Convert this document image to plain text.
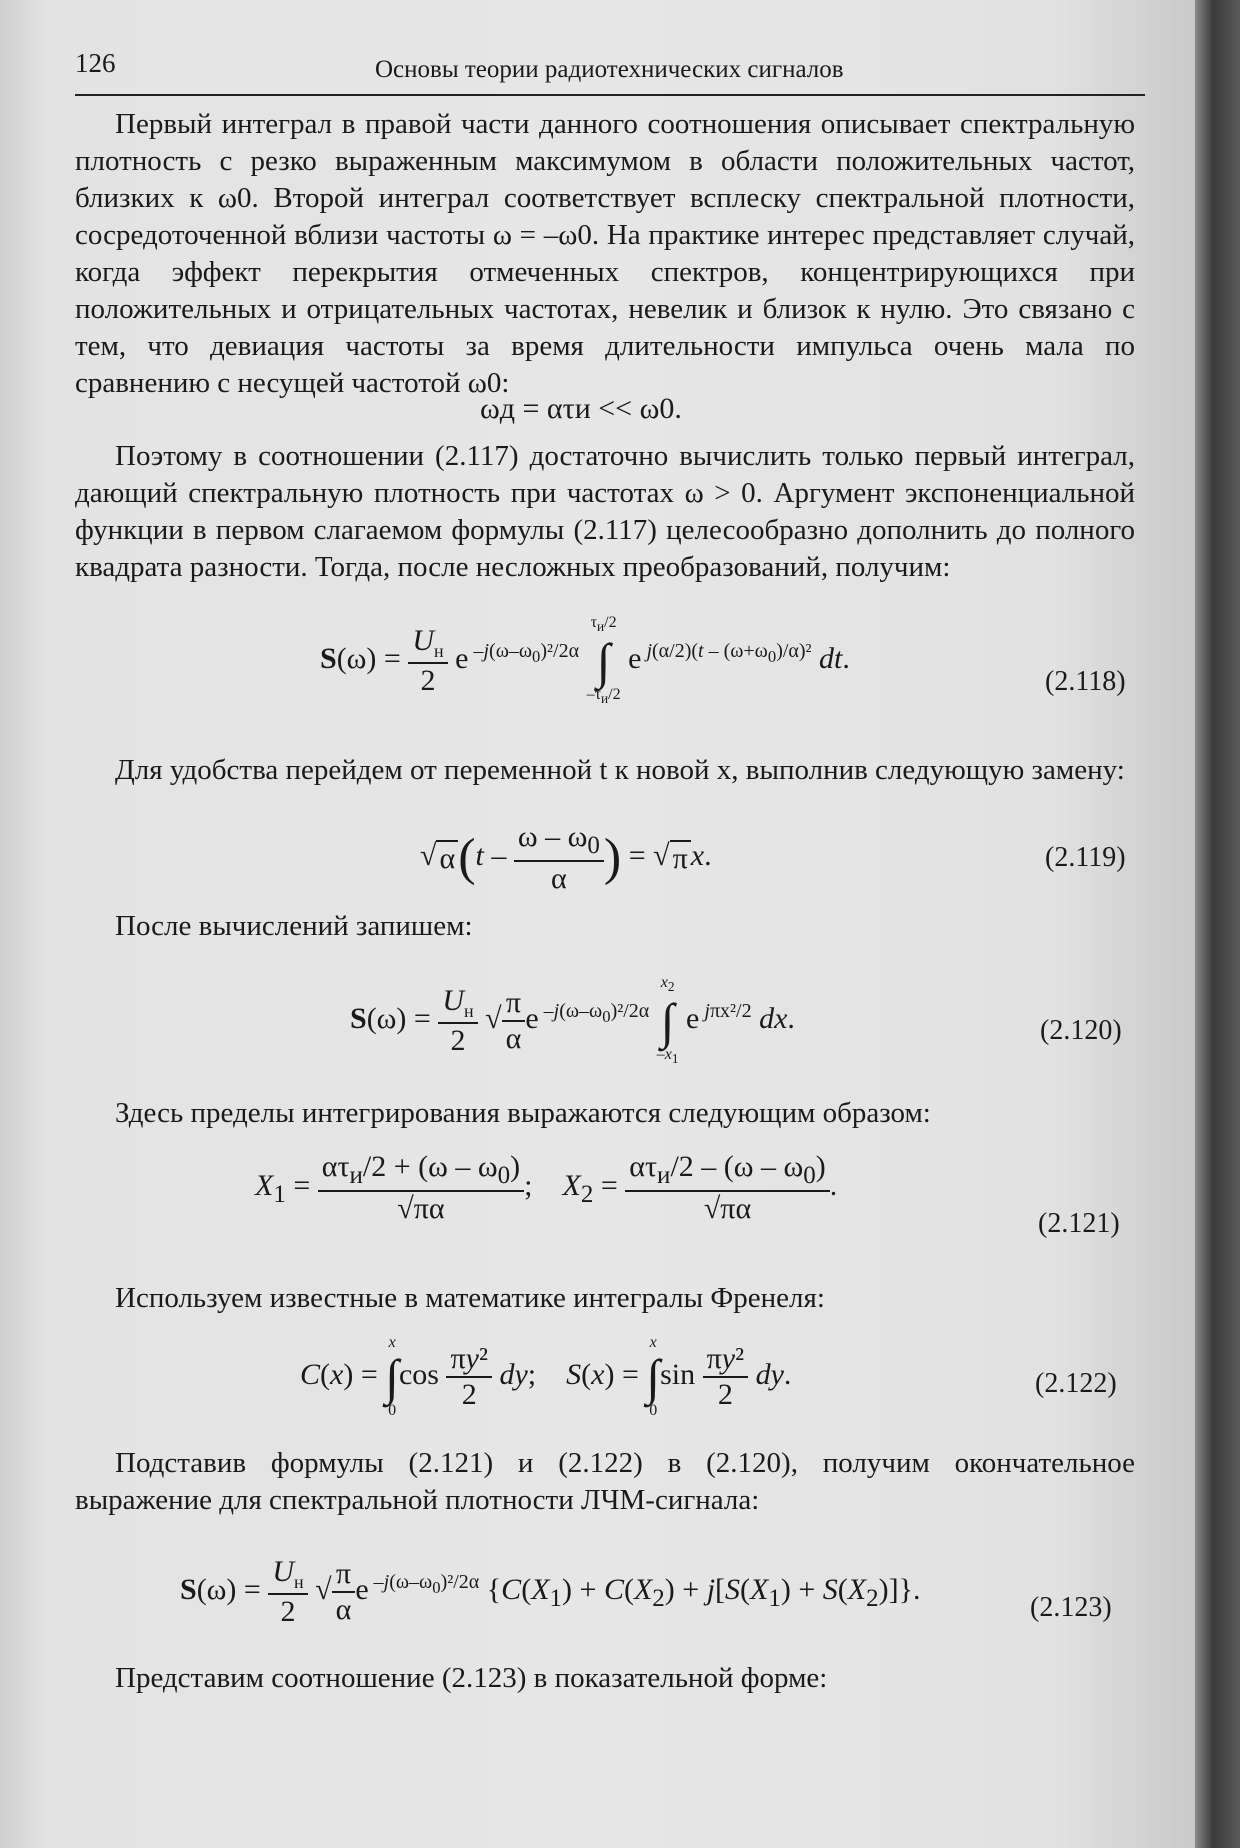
126	Основы теории радиотехнических сигналов
Первый интеграл в правой части данного соотношения описывает спектральную плотность с резко выраженным максимумом в области положительных частот, близких к ω0. Второй интеграл соответствует всплеску спектральной плотности, сосредоточенной вблизи частоты ω = –ω0. На практике интерес представляет случай, когда эффект перекрытия отмеченных спектров, концентрирующихся при положительных и отрицательных частотах, невелик и близок к нулю. Это связано с тем, что девиация частоты за время длительности импульса очень мала по сравнению с несущей частотой ω0:
ωд = ατи << ω0.
Поэтому в соотношении (2.117) достаточно вычислить только первый интеграл, дающий спектральную плотность при частотах ω > 0. Аргумент экспоненциальной функции в первом слагаемом формулы (2.117) целесообразно дополнить до полного квадрата разности. Тогда, после несложных преобразований, получим:
$S(\omega) = \frac{U_н}{2}$ e $^{-j(\omega-\omega_0)^2/2\alpha}$ $\tau_и/2$
∫
$-\tau_и/2$ e $^{j(\alpha/2)(t - (\omega+\omega_0)/\alpha)^2}$ dt.
(2.118)
Для удобства перейдем от переменной t к новой x, выполнив следующую замену:
√ $\alpha(t - \frac{\omega - \omega_0}{\alpha}$ ) = √ π x.	(2.119)
После вычислений запишем:
$S(\omega) = \frac{U_н}{2}$ √ $\frac{\pi}{\alpha}$ e $^{-j(\omega-\omega_0)^2/2\alpha}$ $x_2$
∫
$-x_1$ e $^{j\pi x^2/2}$ dx.	(2.120)
Здесь пределы интегрирования выражаются следующим образом:
$X_1 = \frac{\alpha\tau_и/2 + (\omega - \omega_0)}{√\pi\alpha}$ ;    $X_2 = \frac{\alpha\tau_и/2 - (\omega - \omega_0)}{√\pi\alpha}$ .
(2.121)
Используем известные в математике интегралы Френеля:
C(x) = x
∫
$0\cos \frac{\text{πy²}}{2}$ dy;    S(x) = x
∫
$0\sin \frac{\text{πy²}}{2}$ dy.	(2.122)
Подставив формулы (2.121) и (2.122) в (2.120), получим окончательное выражение для спектральной плотности ЛЧМ-сигнала:
$S(\omega) = \frac{U_н}{2}$ √ $\frac{\pi}{\alpha}$ e $^{-j(\omega-\omega_0)^2/2\alpha}$ $\{C(X_1) + C(X_2) + j[S(X_1) + S(X_2)]\}$.
(2.123)
Представим соотношение (2.123) в показательной форме:
